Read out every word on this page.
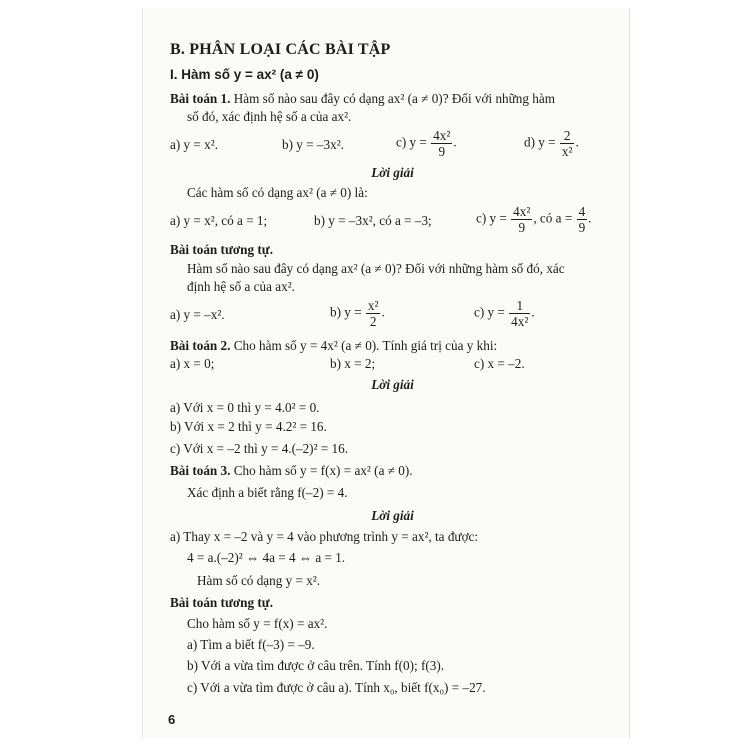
B. PHÂN LOẠI CÁC BÀI TẬP
I. Hàm số y = ax² (a ≠ 0)
Bài toán 1. Hàm số nào sau đây có dạng ax² (a ≠ 0)? Đối với những hàm
số đó, xác định hệ số a của ax².
a) y = x².	b) y = –3x².	c) $y = \frac{\text{4x²}}{9}$ .	d) $y = \frac{2}{\text{x²}}$ .
Lời giải
Các hàm số có dạng ax² (a ≠ 0) là:
a) y = x², có a = 1;	b) y = –3x², có a = –3;	c) $y = \frac{\text{4x²}}{9}$ , có $a = \frac{4}{9}$ .
Bài toán tương tự.
Hàm số nào sau đây có dạng ax² (a ≠ 0)? Đối với những hàm số đó, xác
định hệ số a của ax².
a) y = –x².	b) $y = \frac{\text{x²}}{2}$ .	c) $y = \frac{1}{\text{4x²}}$ .
Bài toán 2. Cho hàm số y = 4x² (a ≠ 0). Tính giá trị của y khi:
a) x = 0;	b) x = 2;	c) x = –2.
Lời giải
a) Với x = 0 thì y = 4.0² = 0.
b) Với x = 2 thì y = 4.2² = 16.
c) Với x = –2 thì y = 4.(–2)² = 16.
Bài toán 3. Cho hàm số y = f(x) = ax² (a ≠ 0).
Xác định a biết rằng f(–2) = 4.
Lời giải
a) Thay x = –2 và y = 4 vào phương trình y = ax², ta được:
4 = a.(–2)² ⇔ 4a = 4 ⇔ a = 1.
Hàm số có dạng y = x².
Bài toán tương tự.
Cho hàm số y = f(x) = ax².
a) Tìm a biết f(–3) = –9.
b) Với a vừa tìm được ở câu trên. Tính f(0); f(3).
c) Với a vừa tìm được ở câu a). Tính x₀, biết f(x₀) = –27.
6
